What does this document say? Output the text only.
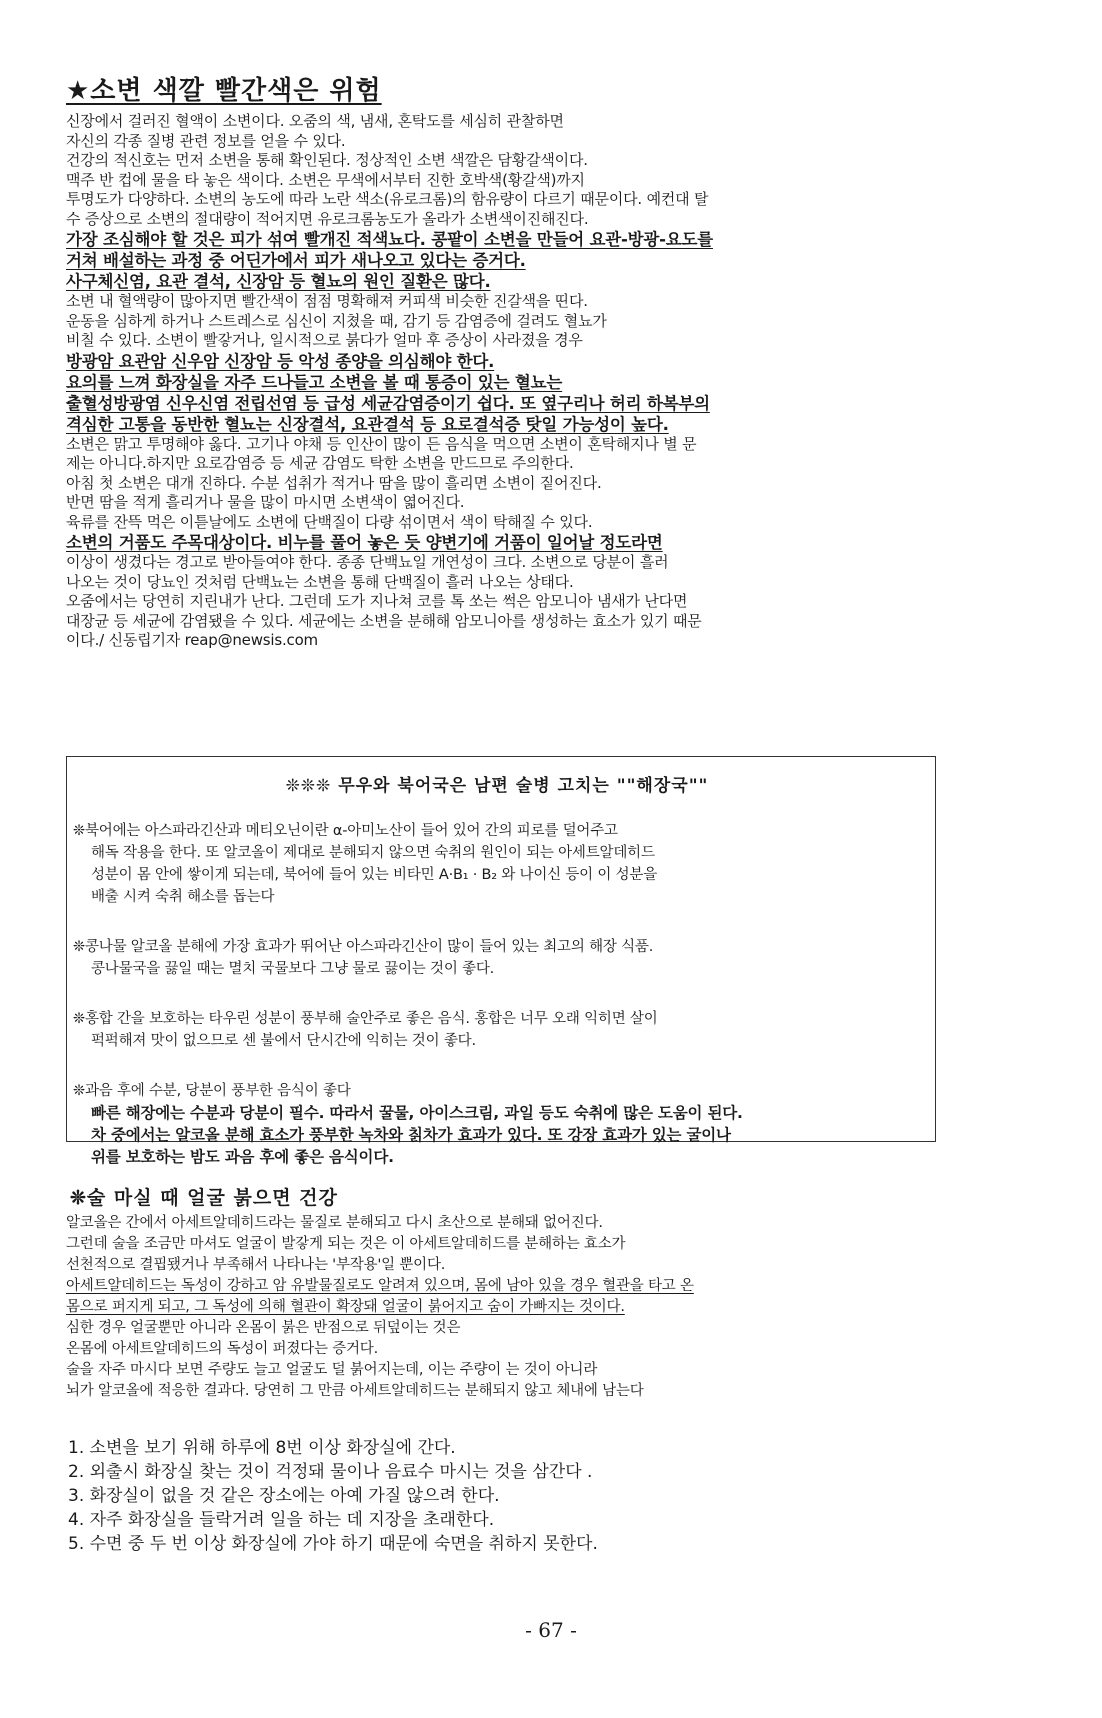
★소변 색깔 빨간색은 위험
신장에서 걸러진 혈액이 소변이다. 오줌의 색, 냄새, 혼탁도를 세심히 관찰하면
자신의 각종 질병 관련 정보를 얻을 수 있다.
건강의 적신호는 먼저 소변을 통해 확인된다. 정상적인 소변 색깔은 담황갈색이다.
맥주 반 컵에 물을 타 놓은 색이다. 소변은 무색에서부터 진한 호박색(황갈색)까지
투명도가 다양하다. 소변의 농도에 따라 노란 색소(유로크롬)의 함유량이 다르기 때문이다. 예컨대 탈
수 증상으로 소변의 절대량이 적어지면 유로크롬농도가 올라가 소변색이진해진다.
가장 조심해야 할 것은 피가 섞여 빨개진 적색뇨다. 콩팥이 소변을 만들어 요관-방광-요도를
거쳐 배설하는 과정 중 어딘가에서 피가 새나오고 있다는 증거다.
사구체신염, 요관 결석, 신장암 등 혈뇨의 원인 질환은 많다.
소변 내 혈액량이 많아지면 빨간색이 점점 명확해져 커피색 비슷한 진갈색을 띤다.
운동을 심하게 하거나 스트레스로 심신이 지쳤을 때, 감기 등 감염증에 걸려도 혈뇨가
비칠 수 있다. 소변이 빨갛거나, 일시적으로 붉다가 얼마 후 증상이 사라졌을 경우
방광암 요관암 신우암 신장암 등 악성 종양을 의심해야 한다.
요의를 느껴 화장실을 자주 드나들고 소변을 볼 때 통증이 있는 혈뇨는
출혈성방광염 신우신염 전립선염 등 급성 세균감염증이기 쉽다. 또 옆구리나 허리 하복부의
격심한 고통을 동반한 혈뇨는 신장결석, 요관결석 등 요로결석증 탓일 가능성이 높다.
소변은 맑고 투명해야 옳다. 고기나 야채 등 인산이 많이 든 음식을 먹으면 소변이 혼탁해지나 별 문
제는 아니다.하지만 요로감염증 등 세균 감염도 탁한 소변을 만드므로 주의한다.
아침 첫 소변은 대개 진하다. 수분 섭취가 적거나 땀을 많이 흘리면 소변이 짙어진다.
반면 땀을 적게 흘리거나 물을 많이 마시면 소변색이 엷어진다.
육류를 잔뜩 먹은 이튿날에도 소변에 단백질이 다량 섞이면서 색이 탁해질 수 있다.
소변의 거품도 주목대상이다. 비누를 풀어 놓은 듯 양변기에 거품이 일어날 정도라면
이상이 생겼다는 경고로 받아들여야 한다. 종종 단백뇨일 개연성이 크다. 소변으로 당분이 흘러
나오는 것이 당뇨인 것처럼 단백뇨는 소변을 통해 단백질이 흘러 나오는 상태다.
오줌에서는 당연히 지린내가 난다. 그런데 도가 지나쳐 코를 톡 쏘는 썩은 암모니아 냄새가 난다면
대장균 등 세균에 감염됐을 수 있다. 세균에는 소변을 분해해 암모니아를 생성하는 효소가 있기 때문
이다./ 신동립기자 reap@newsis.com
❊❊❊ 무우와 북어국은 남편 술병 고치는 ""해장국""
❊북어에는 아스파라긴산과 메티오닌이란 α-아미노산이 들어 있어 간의 피로를 덜어주고
해독 작용을 한다. 또 알코올이 제대로 분해되지 않으면 숙취의 원인이 되는 아세트알데히드
성분이 몸 안에 쌓이게 되는데, 북어에 들어 있는 비타민 A·B₁ · B₂ 와 나이신 등이 이 성분을
배출 시켜 숙취 해소를 돕는다
❊콩나물 알코올 분해에 가장 효과가 뛰어난 아스파라긴산이 많이 들어 있는 최고의 해장 식품.
콩나물국을 끓일 때는 멸치 국물보다 그냥 물로 끓이는 것이 좋다.
❊홍합 간을 보호하는 타우린 성분이 풍부해 술안주로 좋은 음식. 홍합은 너무 오래 익히면 살이
퍽퍽해져 맛이 없으므로 센 불에서 단시간에 익히는 것이 좋다.
❊과음 후에 수분, 당분이 풍부한 음식이 좋다
빠른 해장에는 수분과 당분이 필수. 따라서 꿀물, 아이스크림, 과일 등도 숙취에 많은 도움이 된다.
차 중에서는 알코올 분해 효소가 풍부한 녹차와 칡차가 효과가 있다. 또 강장 효과가 있는 굴이나
위를 보호하는 밤도 과음 후에 좋은 음식이다.
❊술 마실 때 얼굴 붉으면 건강
알코올은 간에서 아세트알데히드라는 물질로 분해되고 다시 초산으로 분해돼 없어진다.
그런데 술을 조금만 마셔도 얼굴이 발갛게 되는 것은 이 아세트알데히드를 분해하는 효소가
선천적으로 결핍됐거나 부족해서 나타나는 '부작용'일 뿐이다.
아세트알데히드는 독성이 강하고 암 유발물질로도 알려져 있으며, 몸에 남아 있을 경우 혈관을 타고 온
몸으로 퍼지게 되고, 그 독성에 의해 혈관이 확장돼 얼굴이 붉어지고 숨이 가빠지는 것이다.
심한 경우 얼굴뿐만 아니라 온몸이 붉은 반점으로 뒤덮이는 것은
온몸에 아세트알데히드의 독성이 퍼졌다는 증거다.
술을 자주 마시다 보면 주량도 늘고 얼굴도 덜 붉어지는데, 이는 주량이 는 것이 아니라
뇌가 알코올에 적응한 결과다. 당연히 그 만큼 아세트알데히드는 분해되지 않고 체내에 남는다
1. 소변을 보기 위해 하루에 8번 이상 화장실에 간다.
2. 외출시 화장실 찾는 것이 걱정돼 물이나 음료수 마시는 것을 삼간다 .
3. 화장실이 없을 것 같은 장소에는 아예 가질 않으려 한다.
4. 자주 화장실을 들락거려 일을 하는 데 지장을 초래한다.
5. 수면 중 두 번 이상 화장실에 가야 하기 때문에 숙면을 취하지 못한다.
- 67 -
